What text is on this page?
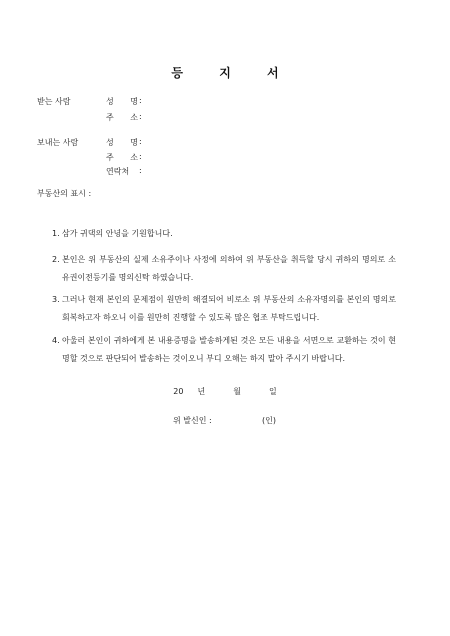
등 지 서
받는 사람	성 명 :
주 소 :
보내는 사람	성 명 :
주 소 :
연락처	:
부동산의 표시 :
1. 삼가 귀댁의 안녕을 기원합니다.
2. 본인은 위 부동산의 실제 소유주이나 사정에 의하여 위 부동산을 취득할 당시 귀하의 명의로 소유권이전등기를 명의신탁 하였습니다.
3. 그러나 현재 본인의 문제점이 원만히 해결되어 비로소 위 부동산의 소유자명의를 본인의 명의로 회복하고자 하오니 이를 원만히 진행할 수 있도록 많은 협조 부탁드립니다.
4. 아울러 본인이 귀하에게 본 내용증명을 발송하게된 것은 모든 내용을 서면으로 교환하는 것이 현명할 것으로 판단되어 발송하는 것이오니 부디 오해는 하지 말아 주시기 바랍니다.
20 년	월	일
위 발신인 :	(인)
